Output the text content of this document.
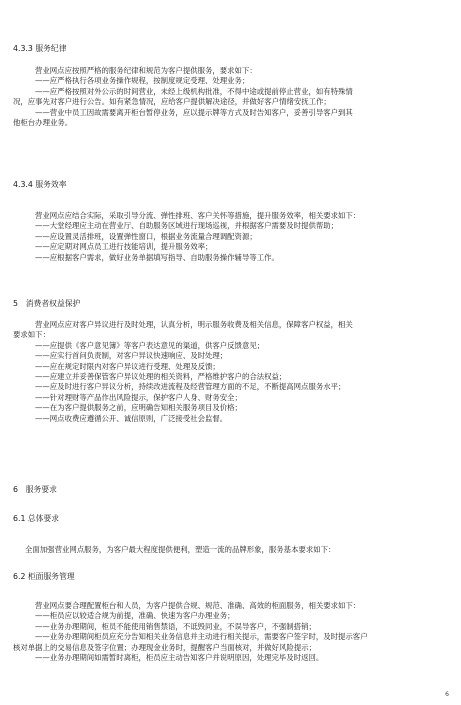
4.3.3 服务纪律
营业网点应按照严格的服务纪律和规范为客户提供服务，要求如下：
——应严格执行各项业务操作规程，按制度规定受理、处理业务；
——应严格按照对外公示的时间营业，未经上级机构批准，不得中途或提前停止营业，如有特殊情
况，应事先对客户进行公告。如有紧急情况，应给客户提供解决途径，并做好客户情绪安抚工作；
——营业中员工因故需要离开柜台暂停业务，应以提示牌等方式及时告知客户，妥善引导客户到其
他柜台办理业务。
4.3.4 服务效率
营业网点应结合实际，采取引导分流、弹性排班、客户关怀等措施，提升服务效率，相关要求如下：
——大堂经理应主动在营业厅、自助服务区域进行现场巡视，并根据客户需要及时提供帮助；
——应设置灵活排班，设置弹性窗口，根据业务流量合理调配资源；
——应定期对网点员工进行技能培训，提升服务效率；
——应根据客户需求，做好业务单据填写指导、自助服务操作辅导等工作。
5　消费者权益保护
营业网点应对客户异议进行及时处理，认真分析，明示服务收费及相关信息，保障客户权益，相关
要求如下：
——应提供《客户意见簿》等客户表达意见的渠道，供客户反馈意见；
——应实行首问负责制，对客户异议快速响应、及时处理；
——应在规定时限内对客户异议进行受理、处理及反馈；
——应建立并妥善保管客户异议处理的相关资料，严格维护客户的合法权益；
——应及时进行客户异议分析，持续改进流程及经营管理方面的不足，不断提高网点服务水平；
——针对理财等产品作出风险提示，保护客户人身、财务安全；
——在为客户提供服务之前，应明确告知相关服务项目及价格；
——网点收费应遵循公开、诚信原则，广泛接受社会监督。
6　服务要求
6.1 总体要求
全面加强营业网点服务，为客户最大程度提供便利，塑造一流的品牌形象，服务基本要求如下：
6.2 柜面服务管理
营业网点要合理配置柜台和人员，为客户提供合规、规范、准确、高效的柜面服务，相关要求如下：
——柜员应以较适合规为前提，准确、快速为客户办理业务；
——业务办理期间，柜员不能使用销售禁语，不诋毁同业，不误导客户，不强制搭销；
——业务办理期间柜员应充分告知相关业务信息并主动进行相关提示，需要客户签字时，及时提示客户
核对单据上的交易信息及签字位置；办理现金业务时，提醒客户当面核对，并做好风险提示；
——业务办理期间如需暂时离柜，柜员应主动告知客户并说明原因，处理完毕及时返回。
6
